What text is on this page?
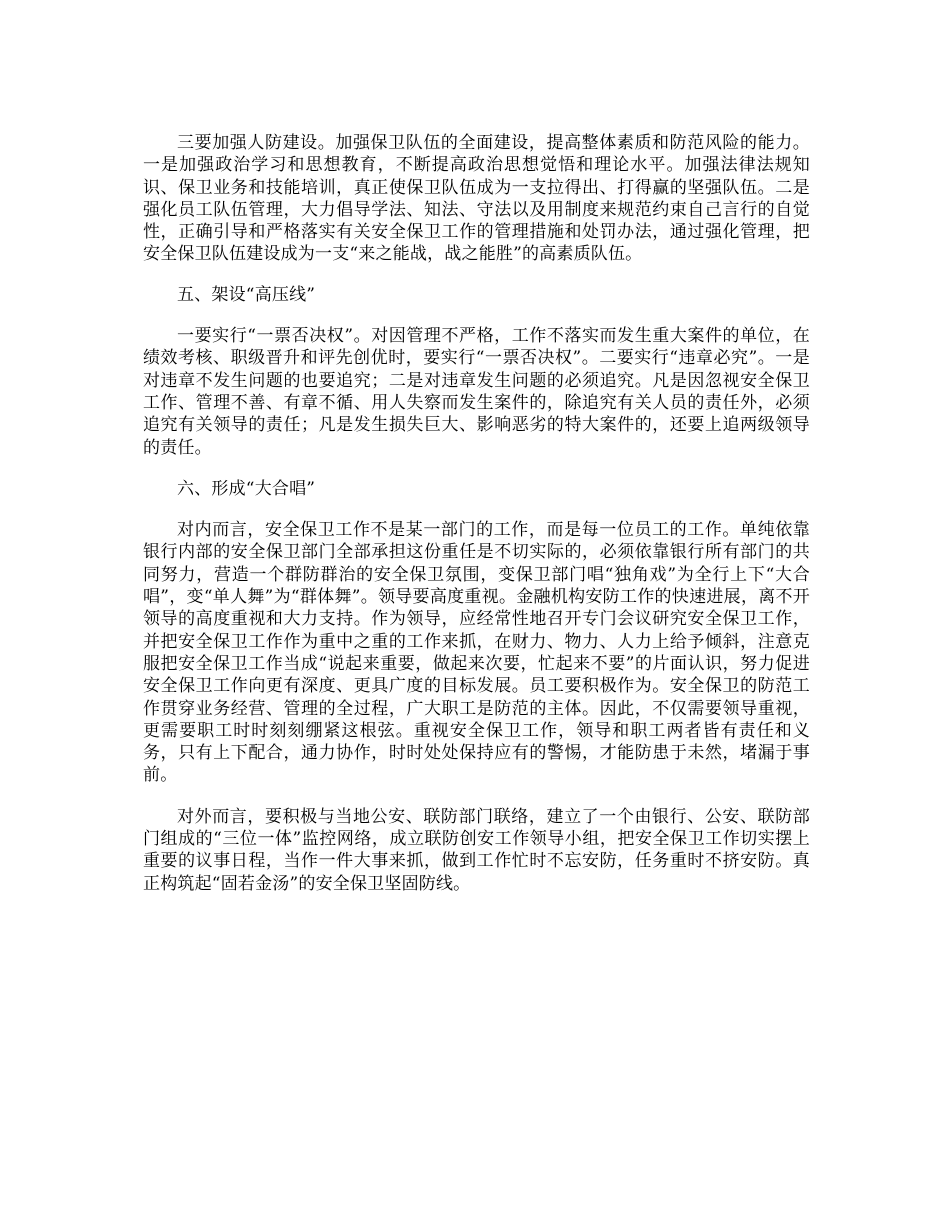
三要加强人防建设。加强保卫队伍的全面建设，提高整体素质和防范风险的能力。一是加强政治学习和思想教育，不断提高政治思想觉悟和理论水平。加强法律法规知识、保卫业务和技能培训，真正使保卫队伍成为一支拉得出、打得赢的坚强队伍。二是强化员工队伍管理，大力倡导学法、知法、守法以及用制度来规范约束自己言行的自觉性，正确引导和严格落实有关安全保卫工作的管理措施和处罚办法，通过强化管理，把安全保卫队伍建设成为一支“来之能战，战之能胜”的高素质队伍。

五、架设“高压线”

一要实行“一票否决权”。对因管理不严格，工作不落实而发生重大案件的单位，在绩效考核、职级晋升和评先创优时，要实行“一票否决权”。二要实行“违章必究”。一是对违章不发生问题的也要追究；二是对违章发生问题的必须追究。凡是因忽视安全保卫工作、管理不善、有章不循、用人失察而发生案件的，除追究有关人员的责任外，必须追究有关领导的责任；凡是发生损失巨大、影响恶劣的特大案件的，还要上追两级领导的责任。

六、形成“大合唱”

对内而言，安全保卫工作不是某一部门的工作，而是每一位员工的工作。单纯依靠银行内部的安全保卫部门全部承担这份重任是不切实际的，必须依靠银行所有部门的共同努力，营造一个群防群治的安全保卫氛围，变保卫部门唱“独角戏”为全行上下“大合唱”，变“单人舞”为“群体舞”。领导要高度重视。金融机构安防工作的快速进展，离不开领导的高度重视和大力支持。作为领导，应经常性地召开专门会议研究安全保卫工作，并把安全保卫工作作为重中之重的工作来抓，在财力、物力、人力上给予倾斜，注意克服把安全保卫工作当成“说起来重要，做起来次要，忙起来不要”的片面认识，努力促进安全保卫工作向更有深度、更具广度的目标发展。员工要积极作为。安全保卫的防范工作贯穿业务经营、管理的全过程，广大职工是防范的主体。因此，不仅需要领导重视，更需要职工时时刻刻绷紧这根弦。重视安全保卫工作，领导和职工两者皆有责任和义务，只有上下配合，通力协作，时时处处保持应有的警惕，才能防患于未然，堵漏于事前。

对外而言，要积极与当地公安、联防部门联络，建立了一个由银行、公安、联防部门组成的“三位一体”监控网络，成立联防创安工作领导小组，把安全保卫工作切实摆上重要的议事日程，当作一件大事来抓，做到工作忙时不忘安防，任务重时不挤安防。真正构筑起“固若金汤”的安全保卫坚固防线。
